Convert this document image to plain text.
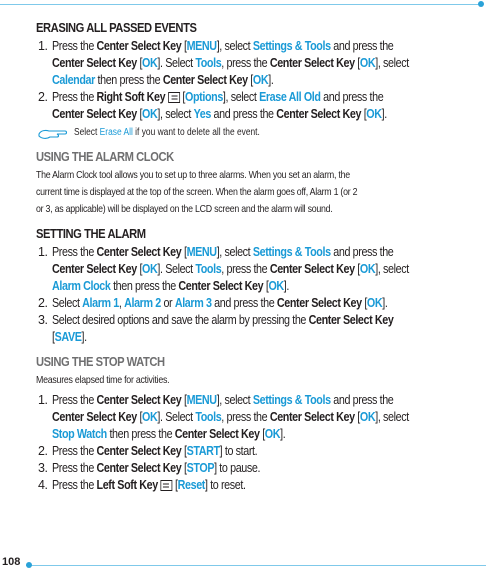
ERASING ALL PASSED EVENTS
1. Press the Center Select Key [MENU], select Settings & Tools and press the
Center Select Key [OK]. Select Tools, press the Center Select Key [OK], select
Calendar then press the Center Select Key [OK].
2. Press the Right Soft Key  [Options], select Erase All Old and press the
Center Select Key [OK], select Yes and press the Center Select Key [OK].
Select Erase All if you want to delete all the event.
USING THE ALARM CLOCK

The Alarm Clock tool allows you to set up to three alarms. When you set an alarm, the
current time is displayed at the top of the screen. When the alarm goes off, Alarm 1 (or 2
or 3, as applicable) will be displayed on the LCD screen and the alarm will sound.

SETTING THE ALARM
1. Press the Center Select Key [MENU], select Settings & Tools and press the
Center Select Key [OK]. Select Tools, press the Center Select Key [OK], select
Alarm Clock then press the Center Select Key [OK].
2. Select Alarm 1, Alarm 2 or Alarm 3 and press the Center Select Key [OK].
3. Select desired options and save the alarm by pressing the Center Select Key
[SAVE].
USING THE STOP WATCH

Measures elapsed time for activities.

1. Press the Center Select Key [MENU], select Settings & Tools and press the
Center Select Key [OK]. Select Tools, press the Center Select Key [OK], select
Stop Watch then press the Center Select Key [OK].
2. Press the Center Select Key [START] to start.
3. Press the Center Select Key [STOP] to pause.
4. Press the Left Soft Key  [Reset] to reset.
108
